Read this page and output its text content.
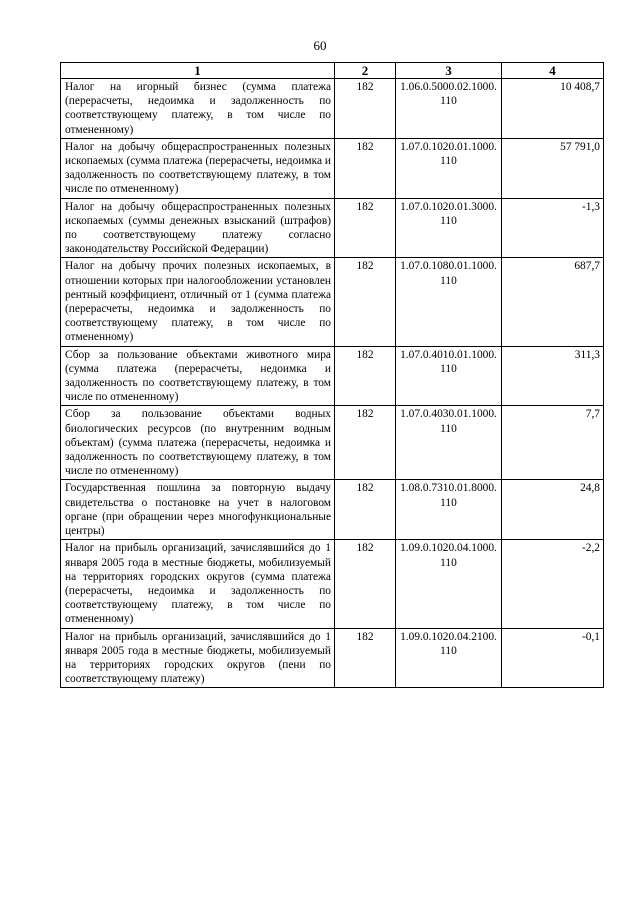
60
1	2	3	4
Налог на игорный бизнес (сумма платежа (перерасчеты, недоимка и задолженность по соответствующему платежу, в том числе по отмененному)	182	1.06.0.5000.02.1000.110	10 408,7
Налог на добычу общераспространенных полезных ископаемых (сумма платежа (перерасчеты, недоимка и задолженность по соответствующему платежу, в том числе по отмененному)	182	1.07.0.1020.01.1000.110	57 791,0
Налог на добычу общераспространенных полезных ископаемых (суммы денежных взысканий (штрафов) по соответствующему платежу согласно законодательству Российской Федерации)	182	1.07.0.1020.01.3000.110	-1,3
Налог на добычу прочих полезных ископаемых, в отношении которых при налогообложении установлен рентный коэффициент, отличный от 1 (сумма платежа (перерасчеты, недоимка и задолженность по соответствующему платежу, в том числе по отмененному)	182	1.07.0.1080.01.1000.110	687,7
Сбор за пользование объектами животного мира (сумма платежа (перерасчеты, недоимка и задолженность по соответствующему платежу, в том числе по отмененному)	182	1.07.0.4010.01.1000.110	311,3
Сбор за пользование объектами водных биологических ресурсов (по внутренним водным объектам) (сумма платежа (перерасчеты, недоимка и задолженность по соответствующему платежу, в том числе по отмененному)	182	1.07.0.4030.01.1000.110	7,7
Государственная пошлина за повторную выдачу свидетельства о постановке на учет в налоговом органе (при обращении через многофункциональные центры)	182	1.08.0.7310.01.8000.110	24,8
Налог на прибыль организаций, зачислявшийся до 1 января 2005 года в местные бюджеты, мобилизуемый на территориях городских округов (сумма платежа (перерасчеты, недоимка и задолженность по соответствующему платежу, в том числе по отмененному)	182	1.09.0.1020.04.1000.110	-2,2
Налог на прибыль организаций, зачислявшийся до 1 января 2005 года в местные бюджеты, мобилизуемый на территориях городских округов (пени по соответствующему платежу)	182	1.09.0.1020.04.2100.110	-0,1
